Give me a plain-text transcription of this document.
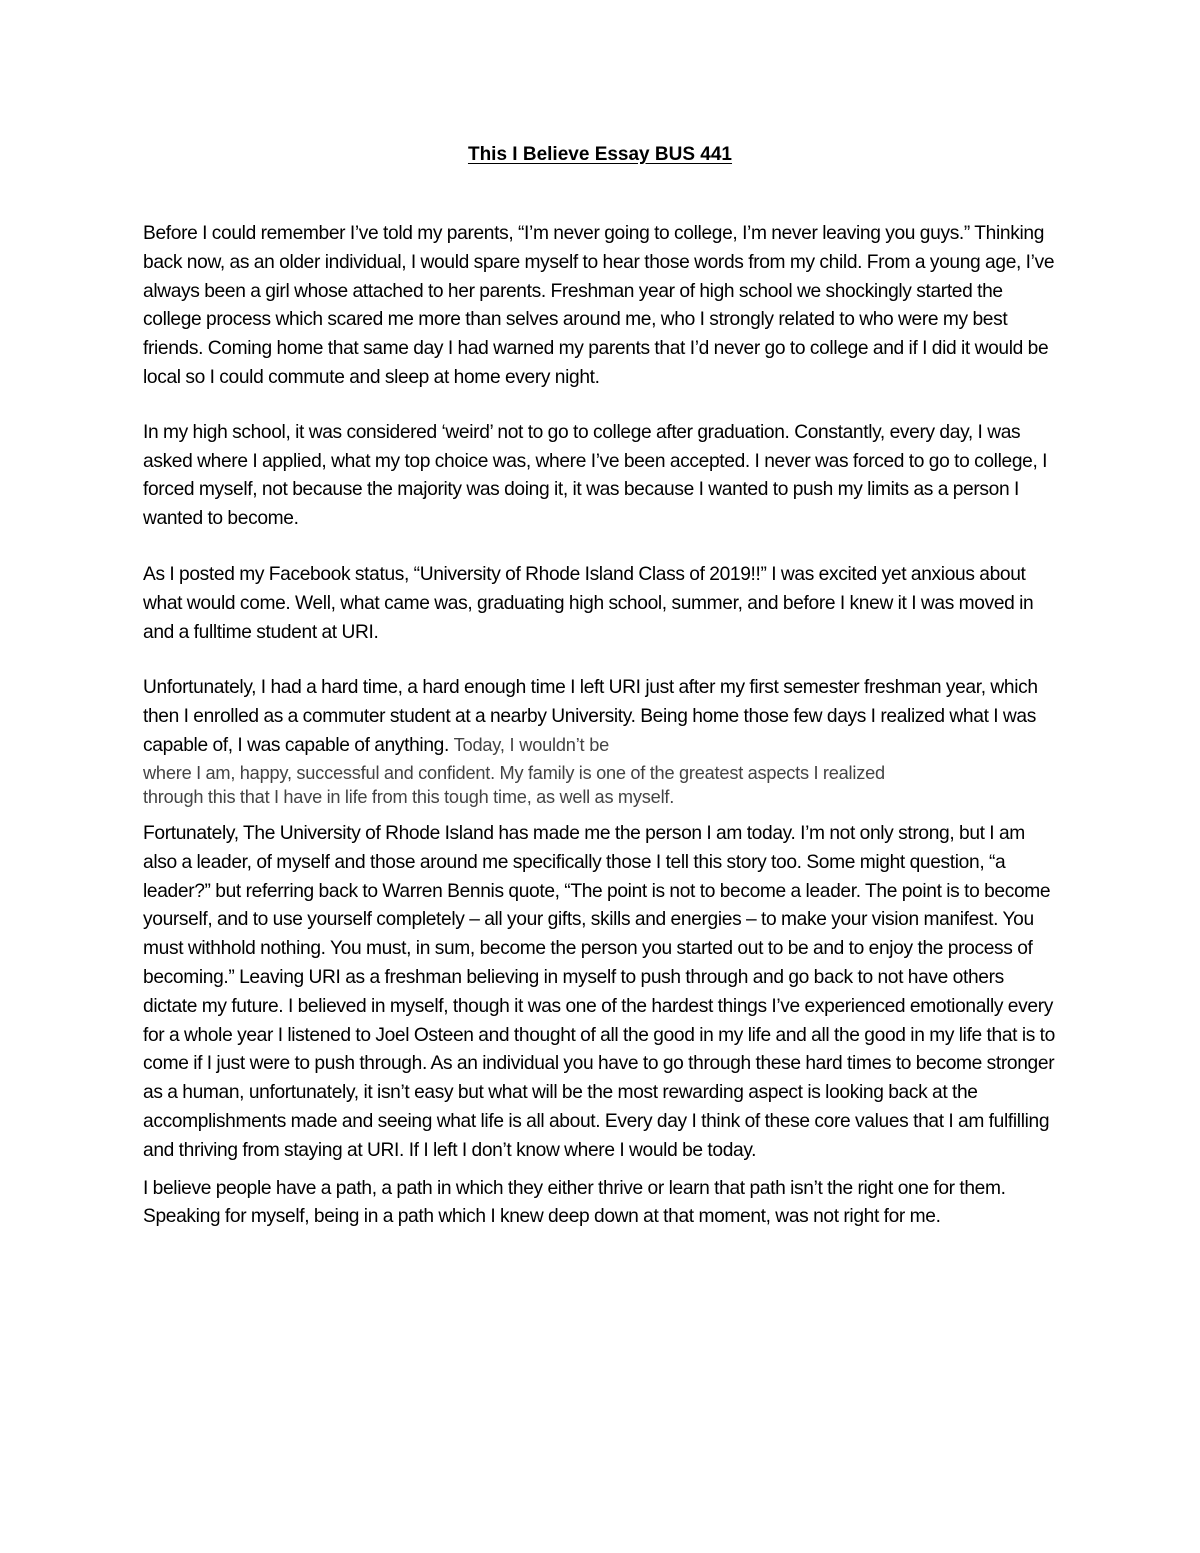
This I Believe Essay BUS 441

Before I could remember I’ve told my parents, “I’m never going to college, I’m never leaving you guys.” Thinking back now, as an older individual, I would spare myself to hear those words from my child. From a young age, I’ve always been a girl whose attached to her parents. Freshman year of high school we shockingly started the college process which scared me more than selves around me, who I strongly related to who were my best friends. Coming home that same day I had warned my parents that I’d never go to college and if I did it would be local so I could commute and sleep at home every night.

In my high school, it was considered ‘weird’ not to go to college after graduation. Constantly, every day, I was asked where I applied, what my top choice was, where I’ve been accepted. I never was forced to go to college, I forced myself, not because the majority was doing it, it was because I wanted to push my limits as a person I wanted to become.

As I posted my Facebook status, “University of Rhode Island Class of 2019!!” I was excited yet anxious about what would come. Well, what came was, graduating high school, summer, and before I knew it I was moved in and a fulltime student at URI.

Unfortunately, I had a hard time, a hard enough time I left URI just after my first semester freshman year, which then I enrolled as a commuter student at a nearby University. Being home those few days I realized what I was capable of, I was capable of anything. Today, I wouldn’t be
where I am, happy, successful and confident. My family is one of the greatest aspects I realized
through this that I have in life from this tough time, as well as myself.

Fortunately, The University of Rhode Island has made me the person I am today. I’m not only strong, but I am also a leader, of myself and those around me specifically those I tell this story too. Some might question, “a leader?” but referring back to Warren Bennis quote, “The point is not to become a leader. The point is to become yourself, and to use yourself completely – all your gifts, skills and energies – to make your vision manifest. You must withhold nothing. You must, in sum, become the person you started out to be and to enjoy the process of becoming.” Leaving URI as a freshman believing in myself to push through and go back to not have others dictate my future. I believed in myself, though it was one of the hardest things I’ve experienced emotionally every for a whole year I listened to Joel Osteen and thought of all the good in my life and all the good in my life that is to come if I just were to push through. As an individual you have to go through these hard times to become stronger as a human, unfortunately, it isn’t easy but what will be the most rewarding aspect is looking back at the accomplishments made and seeing what life is all about. Every day I think of these core values that I am fulfilling and thriving from staying at URI. If I left I don’t know where I would be today.

I believe people have a path, a path in which they either thrive or learn that path isn’t the right one for them. Speaking for myself, being in a path which I knew deep down at that moment, was not right for me.
